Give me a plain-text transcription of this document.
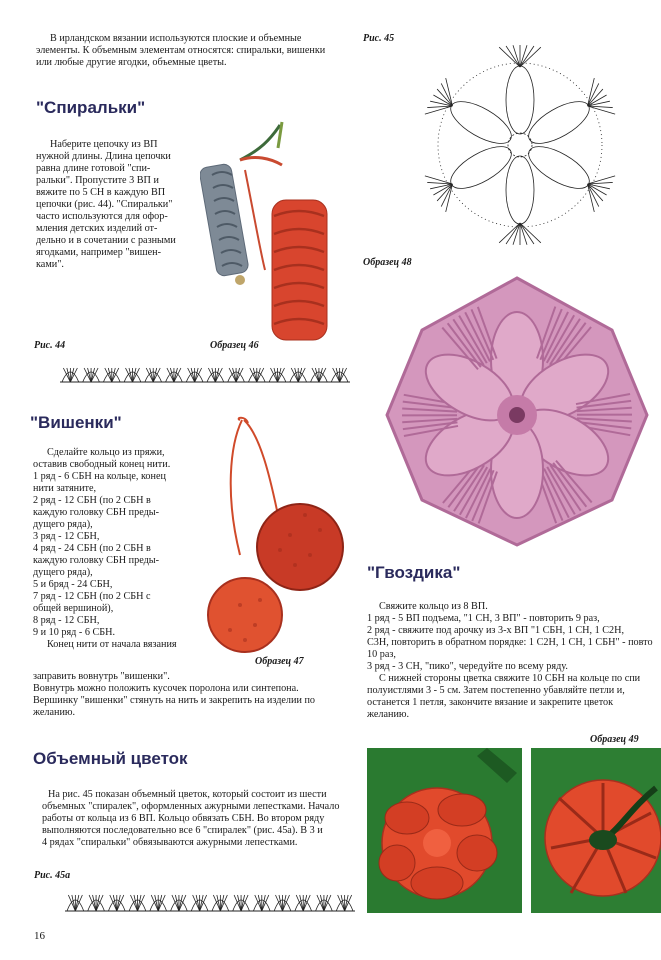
В ирландском вязании используются плоские и объемные
элементы. К объемным элементам относятся: спиральки, вишенки
или любые другие ягодки, объемные цветы.
"Спиральки"
Наберите цепочку из ВП
нужной длины. Длина цепочки
равна длине готовой "спи-
ральки". Пропустите 3 ВП и
вяжите по 5 СН в каждую ВП
цепочки (рис. 44). "Спиральки"
часто используются для офор-
мления детских изделий от-
дельно и в сочетании с разными
ягодками, например "вишен-
ками".
Рис. 44	Образец 46
"Вишенки"
Сделайте кольцо из пряжи,
оставив свободный конец нити.
1 ряд - 6 СБН на кольце, конец
нити затяните,
2 ряд - 12 СБН (по 2 СБН в
каждую головку СБН преды-
дущего ряда),
3 ряд - 12 СБН,
4 ряд - 24 СБН (по 2 СБН в
каждую головку СБН преды-
дущего ряда),
5 и 6ряд - 24 СБН,
7 ряд - 12 СБН (по 2 СБН с
общей вершиной),
8 ряд - 12 СБН,
9 и 10 ряд - 6 СБН.
Конец нити от начала вязания
заправить вовнутрь "вишенки".
Вовнутрь можно положить кусочек поролона или синтепона.
Вершинку "вишенки" стянуть на нить и закрепить на изделии по
желанию.
Образец 47
Объемный цветок
На рис. 45 показан объемный цветок, который состоит из шести
объемных "спиралек", оформленных ажурными лепестками. Начало
работы от кольца из 6 ВП. Кольцо обвязать СБН. Во втором ряду
выполняются последовательно все 6 "спиралек" (рис. 45а). В 3 и
4 рядах "спиральки" обвязываются ажурными лепестками.
Рис. 45а
16
Рис. 45
Образец 48
"Гвоздика"
Свяжите кольцо из 8 ВП.
1 ряд - 5 ВП подъема, "1 СН, 3 ВП" - повторить 9 раз,
2 ряд - свяжите под арочку из 3-х ВП "1 СБН, 1 СН, 1 С2Н,
С3Н, повторить в обратном порядке: 1 С2Н, 1 СН, 1 СБН" - повто
10 раз,
3 ряд - 3 СН, "пико", чередуйте по всему ряду.
С нижней стороны цветка свяжите 10 СБН на кольце по спи
полуистлями 3 - 5 см. Затем постепенно убавляйте петли и,
останется 1 петля, закончите вязание и закрепите цветок
желанию.
Образец 49
